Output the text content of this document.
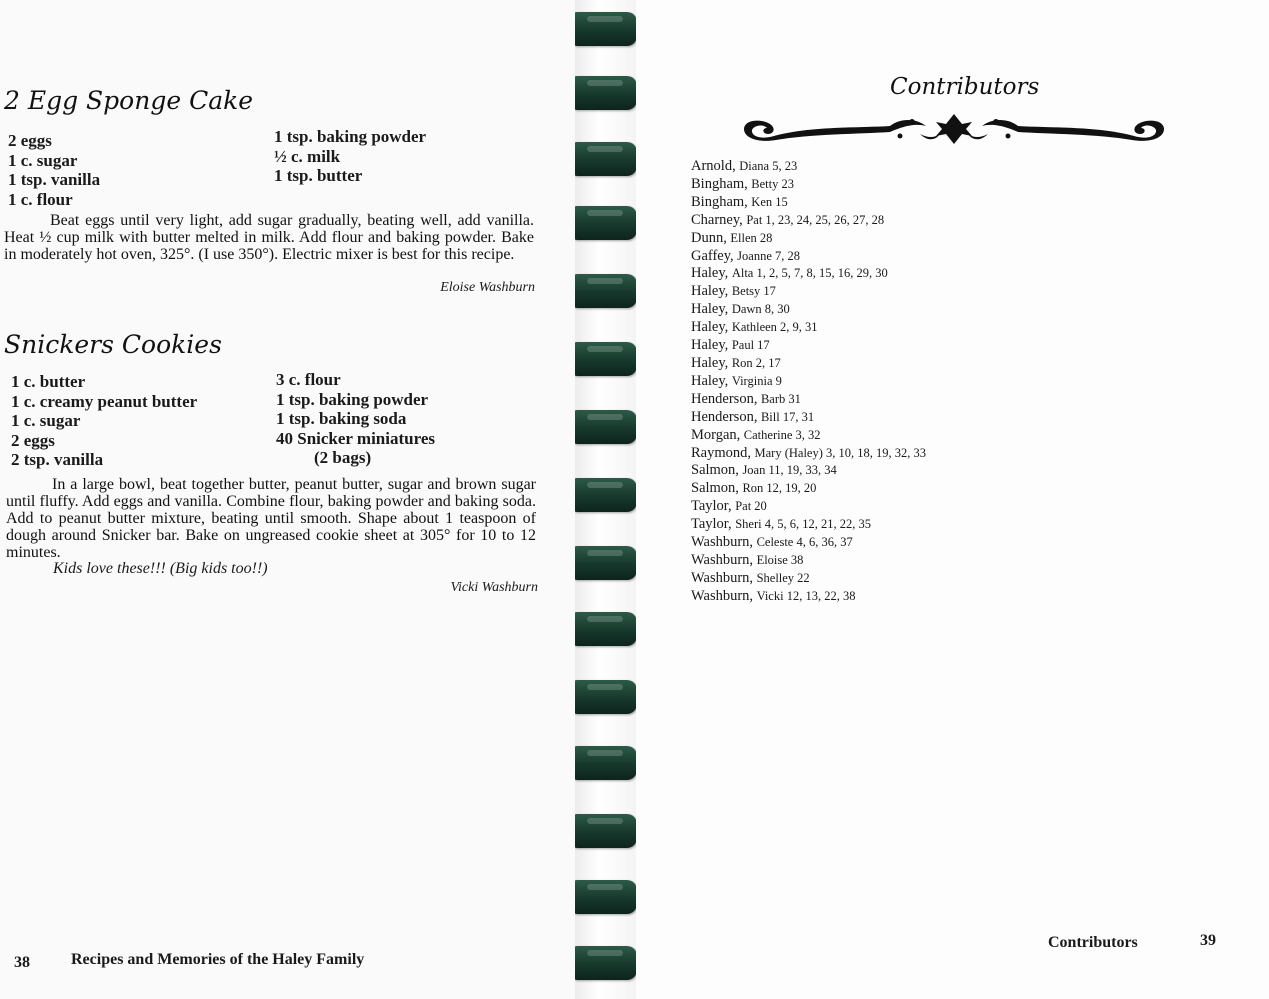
2 Egg Sponge Cake
2 eggs
1 c. sugar
1 tsp. vanilla
1 c. flour
1 tsp. baking powder
½ c. milk
1 tsp. butter

Beat eggs until very light, add sugar gradually, beating well, add vanilla. Heat ½ cup milk with butter melted in milk. Add flour and baking powder. Bake in moderately hot oven, 325°. (I use 350°). Electric mixer is best for this recipe.

Eloise Washburn

Snickers Cookies
1 c. butter
1 c. creamy peanut butter
1 c. sugar
2 eggs
2 tsp. vanilla
3 c. flour
1 tsp. baking powder
1 tsp. baking soda
40 Snicker miniatures
(2 bags)

In a large bowl, beat together butter, peanut butter, sugar and brown sugar until fluffy. Add eggs and vanilla. Combine flour, baking powder and baking soda. Add to peanut butter mixture, beating until smooth. Shape about 1 teaspoon of dough around Snicker bar. Bake on ungreased cookie sheet at 305° for 10 to 12 minutes.

Kids love these!!! (Big kids too!!)

Vicki Washburn

38	Recipes and Memories of the Haley Family

Contributors
Arnold, Diana 5, 23
Bingham, Betty 23
Bingham, Ken 15
Charney, Pat 1, 23, 24, 25, 26, 27, 28
Dunn, Ellen 28
Gaffey, Joanne 7, 28
Haley, Alta 1, 2, 5, 7, 8, 15, 16, 29, 30
Haley, Betsy 17
Haley, Dawn 8, 30
Haley, Kathleen 2, 9, 31
Haley, Paul 17
Haley, Ron 2, 17
Haley, Virginia 9
Henderson, Barb 31
Henderson, Bill 17, 31
Morgan, Catherine 3, 32
Raymond, Mary (Haley) 3, 10, 18, 19, 32, 33
Salmon, Joan 11, 19, 33, 34
Salmon, Ron 12, 19, 20
Taylor, Pat 20
Taylor, Sheri 4, 5, 6, 12, 21, 22, 35
Washburn, Celeste 4, 6, 36, 37
Washburn, Eloise 38
Washburn, Shelley 22
Washburn, Vicki 12, 13, 22, 38

Contributors	39
